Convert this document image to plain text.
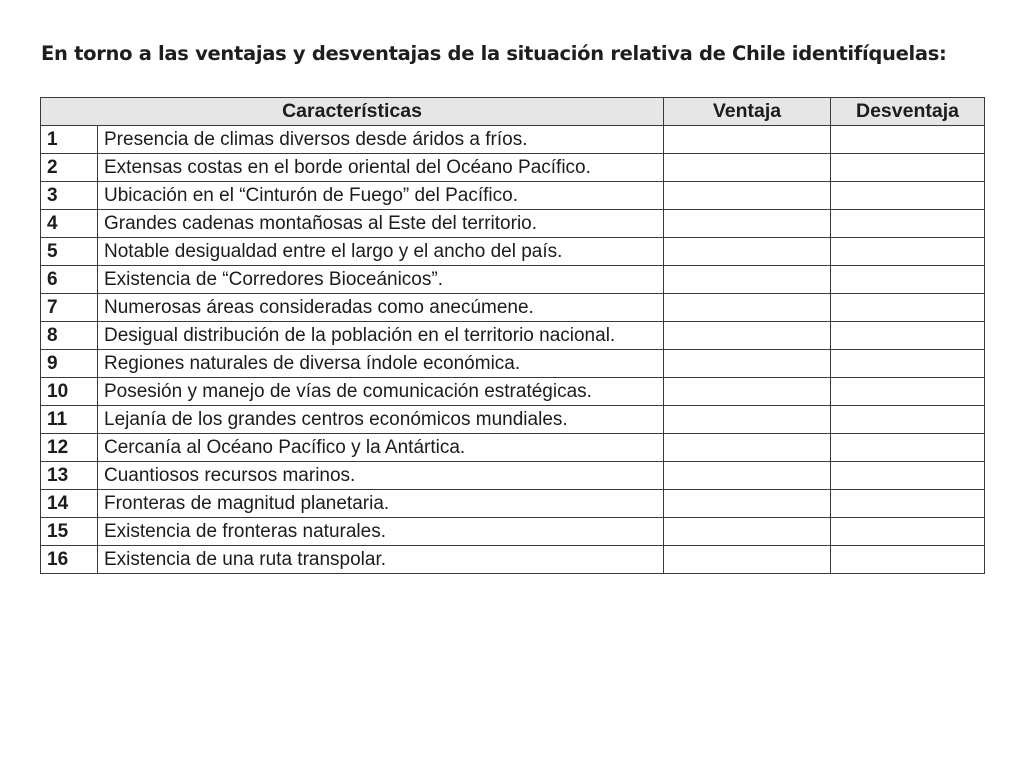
En torno a las ventajas y desventajas de la situación relativa de Chile identifíquelas:
Características		Ventaja	Desventaja
1	Presencia de climas diversos desde áridos a fríos.		
2	Extensas costas en el borde oriental del Océano Pacífico.		
3	Ubicación en el “Cinturón de Fuego” del Pacífico.		
4	Grandes cadenas montañosas al Este del territorio.		
5	Notable desigualdad entre el largo y el ancho del país.		
6	Existencia de “Corredores Bioceánicos”.		
7	Numerosas áreas consideradas como anecúmene.		
8	Desigual distribución de la población en el territorio nacional.		
9	Regiones naturales de diversa índole económica.		
10	Posesión y manejo de vías de comunicación estratégicas.		
11	Lejanía de los grandes centros económicos mundiales.		
12	Cercanía al Océano Pacífico y la Antártica.		
13	Cuantiosos recursos marinos.		
14	Fronteras de magnitud planetaria.		
15	Existencia de fronteras naturales.		
16	Existencia de una ruta transpolar.		
